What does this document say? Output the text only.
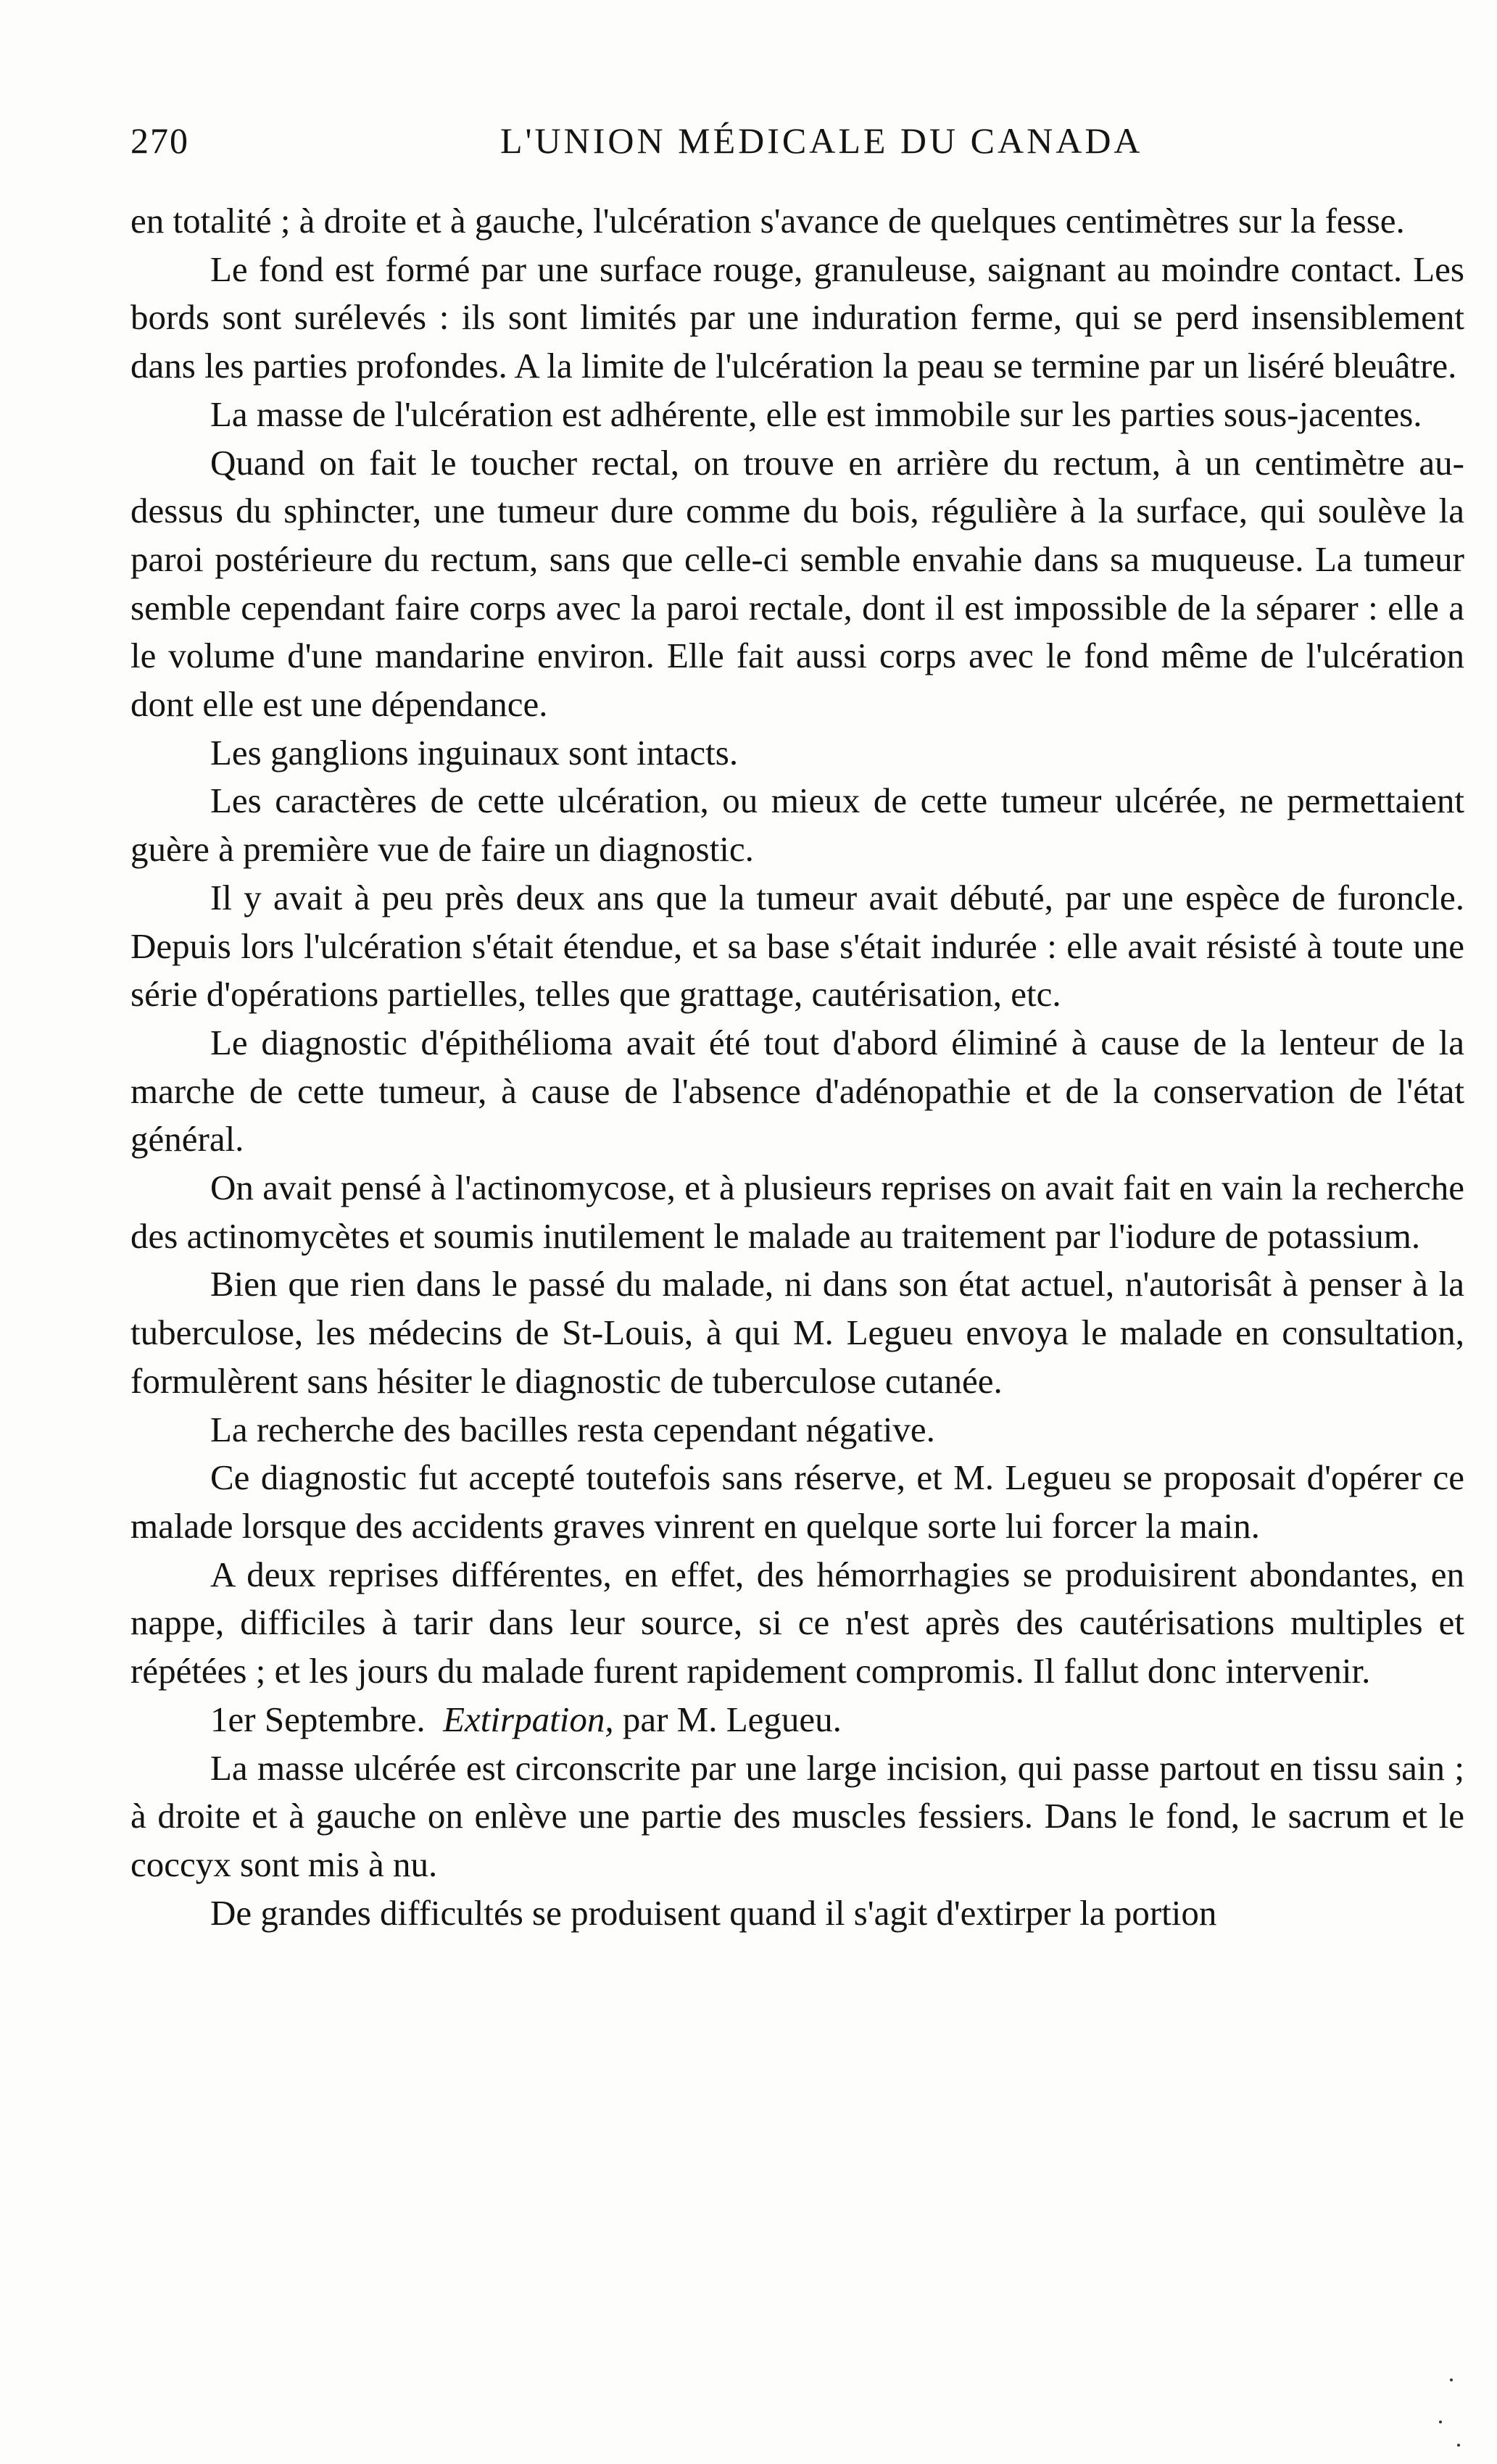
270	L'UNION MÉDICALE DU CANADA

en totalité ; à droite et à gauche, l'ulcération s'avance de quelques centimètres sur la fesse.

Le fond est formé par une surface rouge, granuleuse, saignant au moindre contact. Les bords sont surélevés : ils sont limités par une induration ferme, qui se perd insensiblement dans les parties profondes. A la limite de l'ulcération la peau se termine par un liséré bleuâtre.

La masse de l'ulcération est adhérente, elle est immobile sur les parties sous-jacentes.

Quand on fait le toucher rectal, on trouve en arrière du rectum, à un centimètre au-dessus du sphincter, une tumeur dure comme du bois, régulière à la surface, qui soulève la paroi postérieure du rectum, sans que celle-ci semble envahie dans sa muqueuse. La tumeur semble cependant faire corps avec la paroi rectale, dont il est impossible de la séparer : elle a le volume d'une mandarine environ. Elle fait aussi corps avec le fond même de l'ulcération dont elle est une dépendance.

Les ganglions inguinaux sont intacts.

Les caractères de cette ulcération, ou mieux de cette tumeur ulcérée, ne permettaient guère à première vue de faire un diagnostic.

Il y avait à peu près deux ans que la tumeur avait débuté, par une espèce de furoncle. Depuis lors l'ulcération s'était étendue, et sa base s'était indurée : elle avait résisté à toute une série d'opérations partielles, telles que grattage, cautérisation, etc.

Le diagnostic d'épithélioma avait été tout d'abord éliminé à cause de la lenteur de la marche de cette tumeur, à cause de l'absence d'adénopathie et de la conservation de l'état général.

On avait pensé à l'actinomycose, et à plusieurs reprises on avait fait en vain la recherche des actinomycètes et soumis inutilement le malade au traitement par l'iodure de potassium.

Bien que rien dans le passé du malade, ni dans son état actuel, n'autorisât à penser à la tuberculose, les médecins de St-Louis, à qui M. Legueu envoya le malade en consultation, formulèrent sans hésiter le diagnostic de tuberculose cutanée.

La recherche des bacilles resta cependant négative.

Ce diagnostic fut accepté toutefois sans réserve, et M. Legueu se proposait d'opérer ce malade lorsque des accidents graves vinrent en quelque sorte lui forcer la main.

A deux reprises différentes, en effet, des hémorrhagies se produisirent abondantes, en nappe, difficiles à tarir dans leur source, si ce n'est après des cautérisations multiples et répétées ; et les jours du malade furent rapidement compromis. Il fallut donc intervenir.

1er Septembre. Extirpation, par M. Legueu.

La masse ulcérée est circonscrite par une large incision, qui passe partout en tissu sain ; à droite et à gauche on enlève une partie des muscles fessiers. Dans le fond, le sacrum et le coccyx sont mis à nu.

De grandes difficultés se produisent quand il s'agit d'extirper la portion
